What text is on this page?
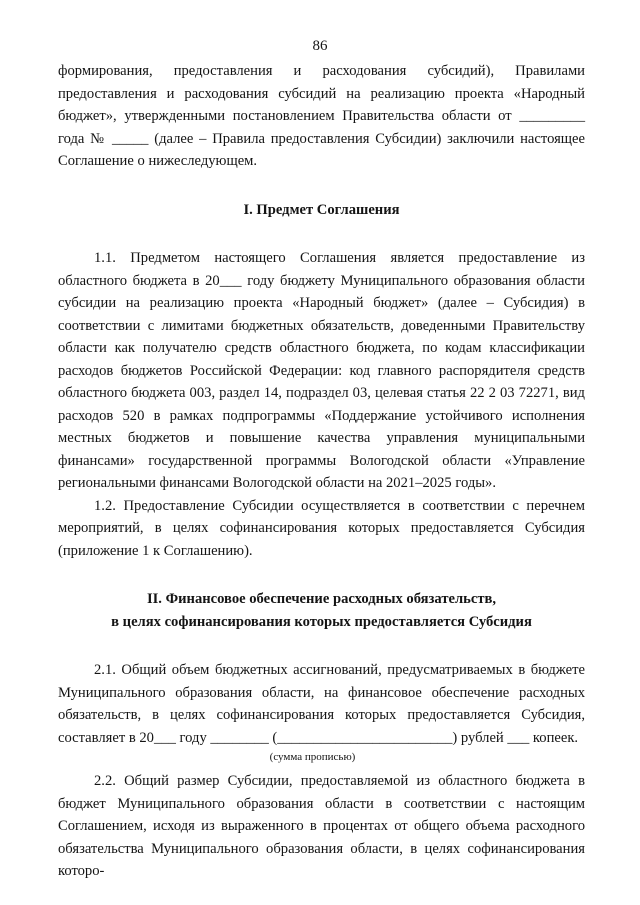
86

формирования, предоставления и расходования субсидий), Правилами предоставления и расходования субсидий на реализацию проекта «Народный бюджет», утвержденными постановлением Правительства области от _________ года № _____ (далее – Правила предоставления Субсидии) заключили настоящее Соглашение о нижеследующем.

I. Предмет Соглашения

1.1. Предметом настоящего Соглашения является предоставление из областного бюджета в 20___ году бюджету Муниципального образования области субсидии на реализацию проекта «Народный бюджет» (далее – Субсидия) в соответствии с лимитами бюджетных обязательств, доведенными Правительству области как получателю средств областного бюджета, по кодам классификации расходов бюджетов Российской Федерации: код главного распорядителя средств областного бюджета 003, раздел 14, подраздел 03, целевая статья 22 2 03 72271, вид расходов 520 в рамках подпрограммы «Поддержание устойчивого исполнения местных бюджетов и повышение качества управления муниципальными финансами» государственной программы Вологодской области «Управление региональными финансами Вологодской области на 2021–2025 годы».

1.2. Предоставление Субсидии осуществляется в соответствии с перечнем мероприятий, в целях софинансирования которых предоставляется Субсидия (приложение 1 к Соглашению).

II. Финансовое обеспечение расходных обязательств,
в целях софинансирования которых предоставляется Субсидия

2.1. Общий объем бюджетных ассигнований, предусматриваемых в бюджете Муниципального образования области, на финансовое обеспечение расходных обязательств, в целях софинансирования которых предоставляется Субсидия, составляет в 20___ году ________ (________________________) рублей ___ копеек.

(сумма прописью)

2.2. Общий размер Субсидии, предоставляемой из областного бюджета в бюджет Муниципального образования области в соответствии с настоящим Соглашением, исходя из выраженного в процентах от общего объема расходного обязательства Муниципального образования области, в целях софинансирования которо-
